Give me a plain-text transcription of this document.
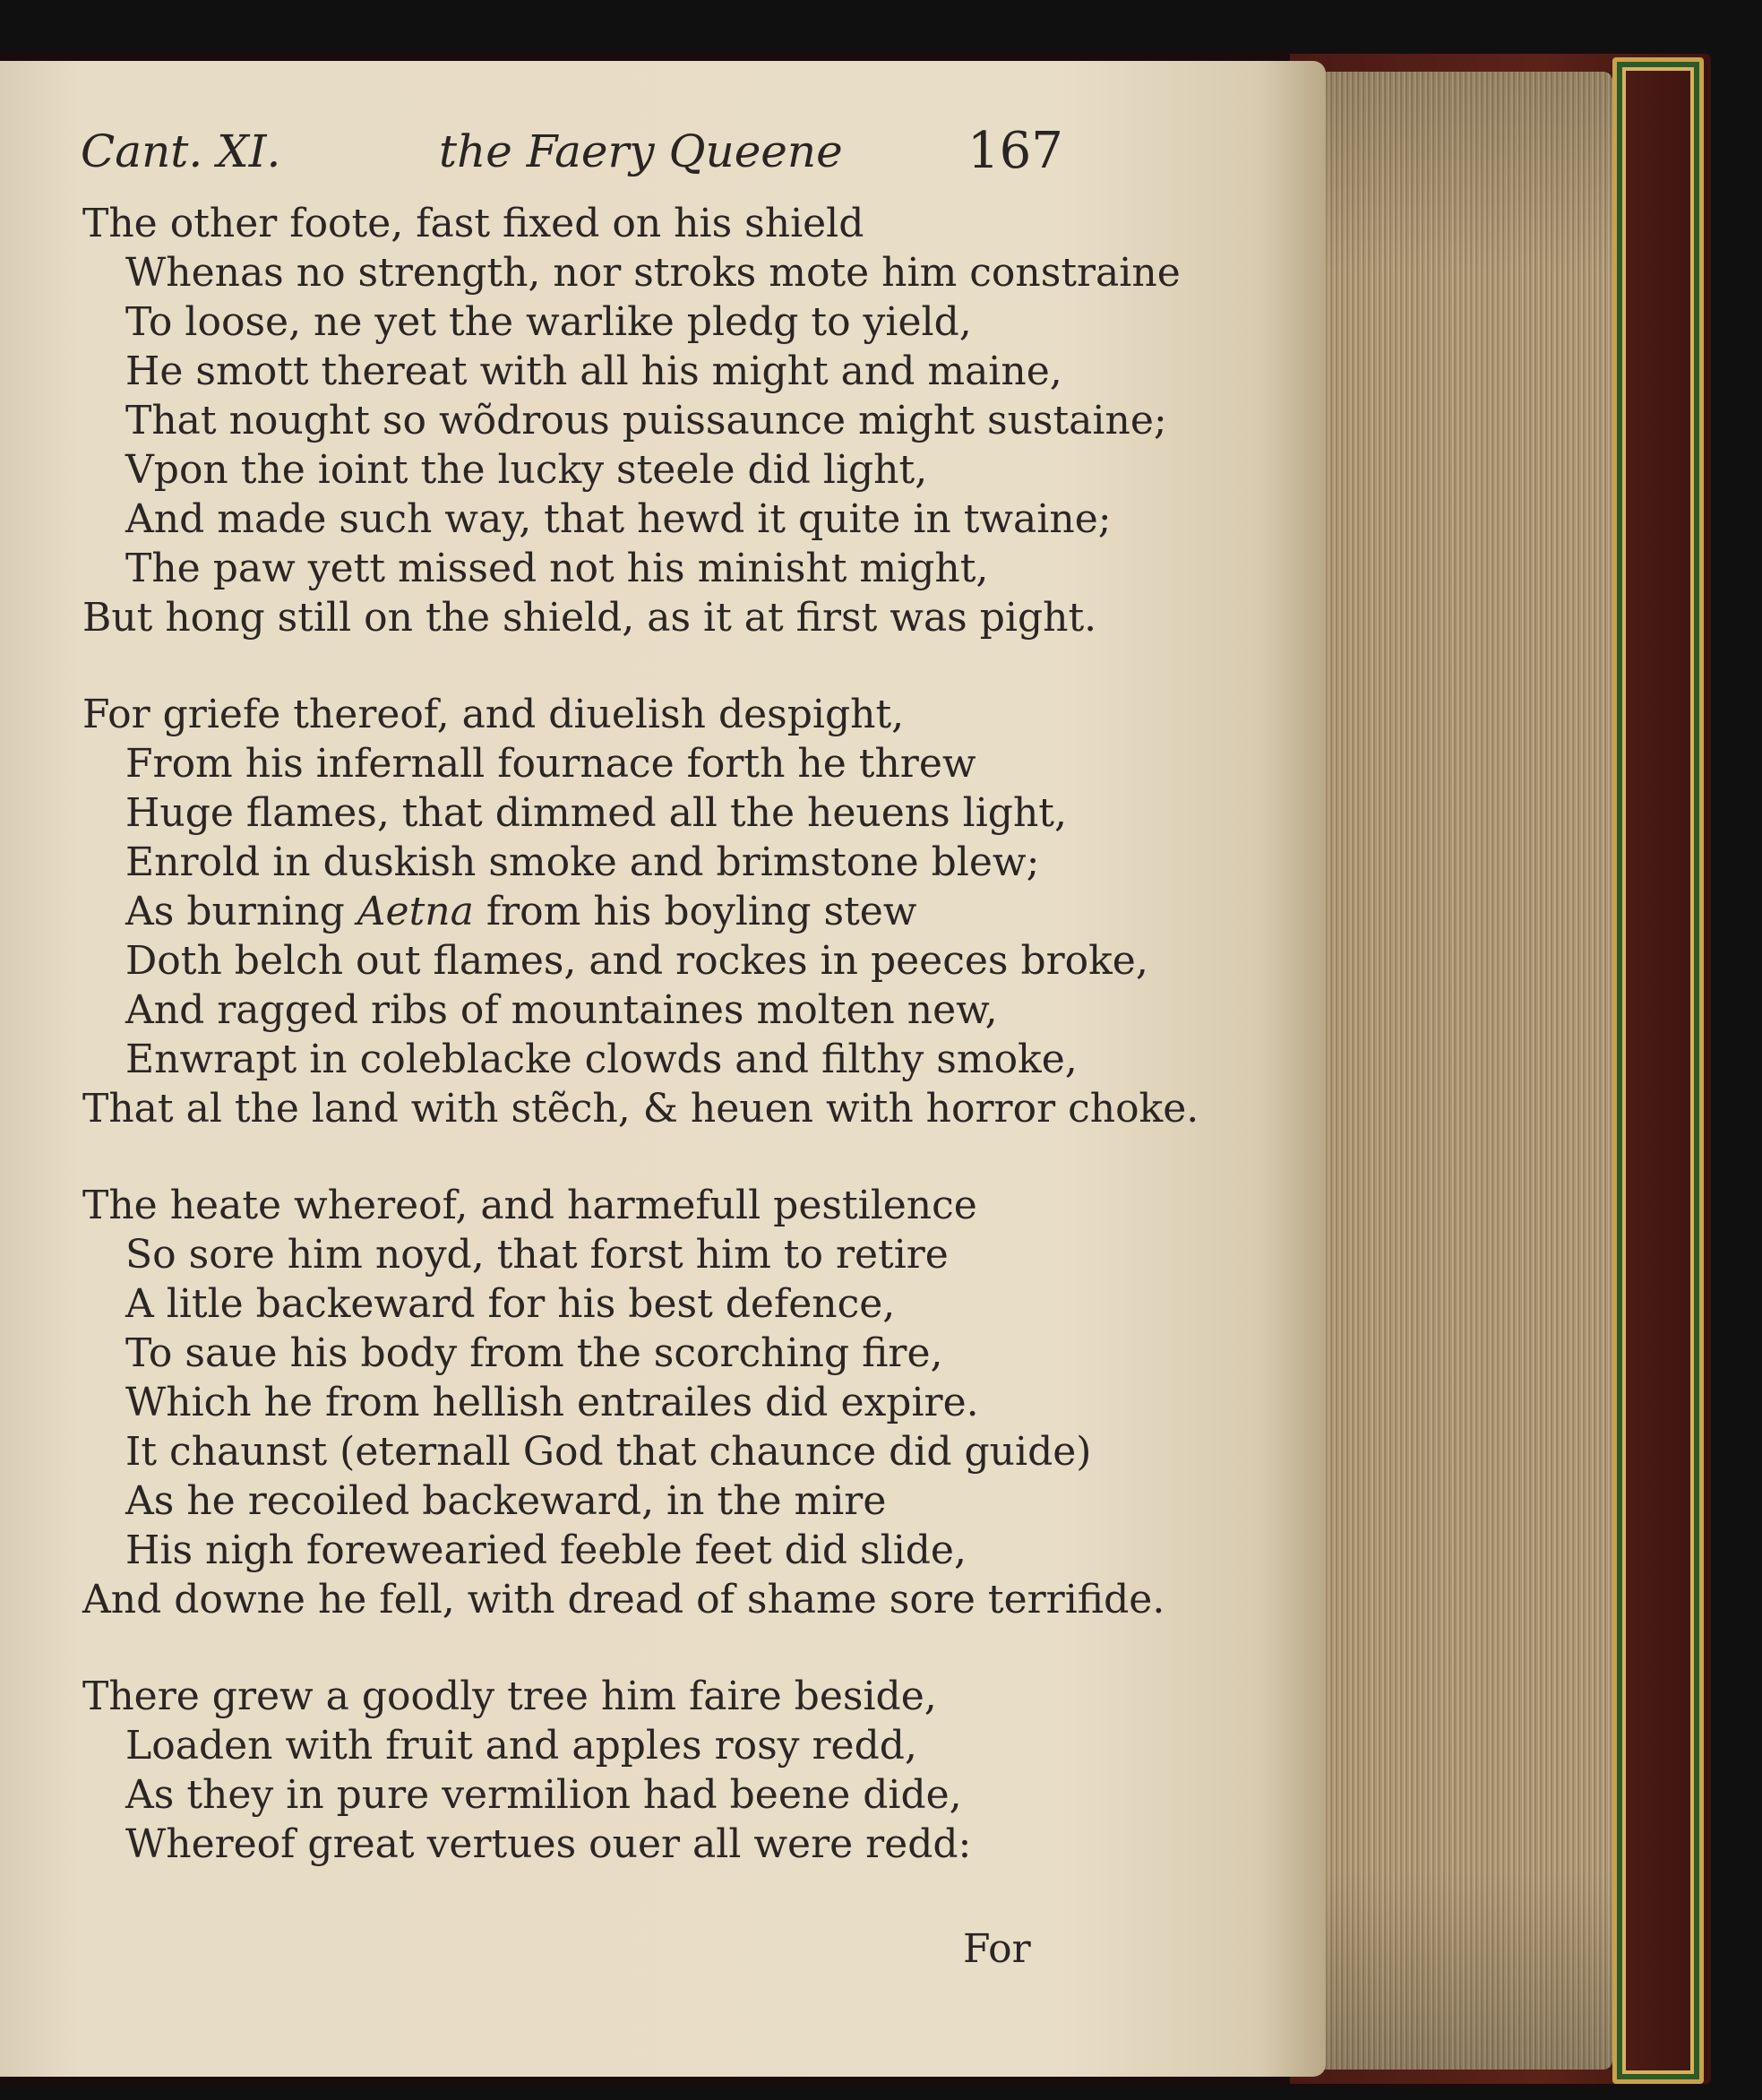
Cant. XI.	the Faery Queene 167
The other foote, fast fixed on his shield
Whenas no strength, nor stroks mote him constraine
To loose, ne yet the warlike pledg to yield,
He smott thereat with all his might and maine,
That nought so wõdrous puissaunce might sustaine;
Vpon the ioint the lucky steele did light,
And made such way, that hewd it quite in twaine;
The paw yett missed not his minisht might,
But hong still on the shield, as it at first was pight.
For griefe thereof, and diuelish despight,
From his infernall fournace forth he threw
Huge flames, that dimmed all the heuens light,
Enrold in duskish smoke and brimstone blew;
As burning Aetna from his boyling stew
Doth belch out flames, and rockes in peeces broke,
And ragged ribs of mountaines molten new,
Enwrapt in coleblacke clowds and filthy smoke,
That al the land with stẽch, & heuen with horror choke.
The heate whereof, and harmefull pestilence
So sore him noyd, that forst him to retire
A litle backeward for his best defence,
To saue his body from the scorching fire,
Which he from hellish entrailes did expire.
It chaunst (eternall God that chaunce did guide)
As he recoiled backeward, in the mire
His nigh forewearied feeble feet did slide,
And downe he fell, with dread of shame sore terrifide.
There grew a goodly tree him faire beside,
Loaden with fruit and apples rosy redd,
As they in pure vermilion had beene dide,
Whereof great vertues ouer all were redd:
For
